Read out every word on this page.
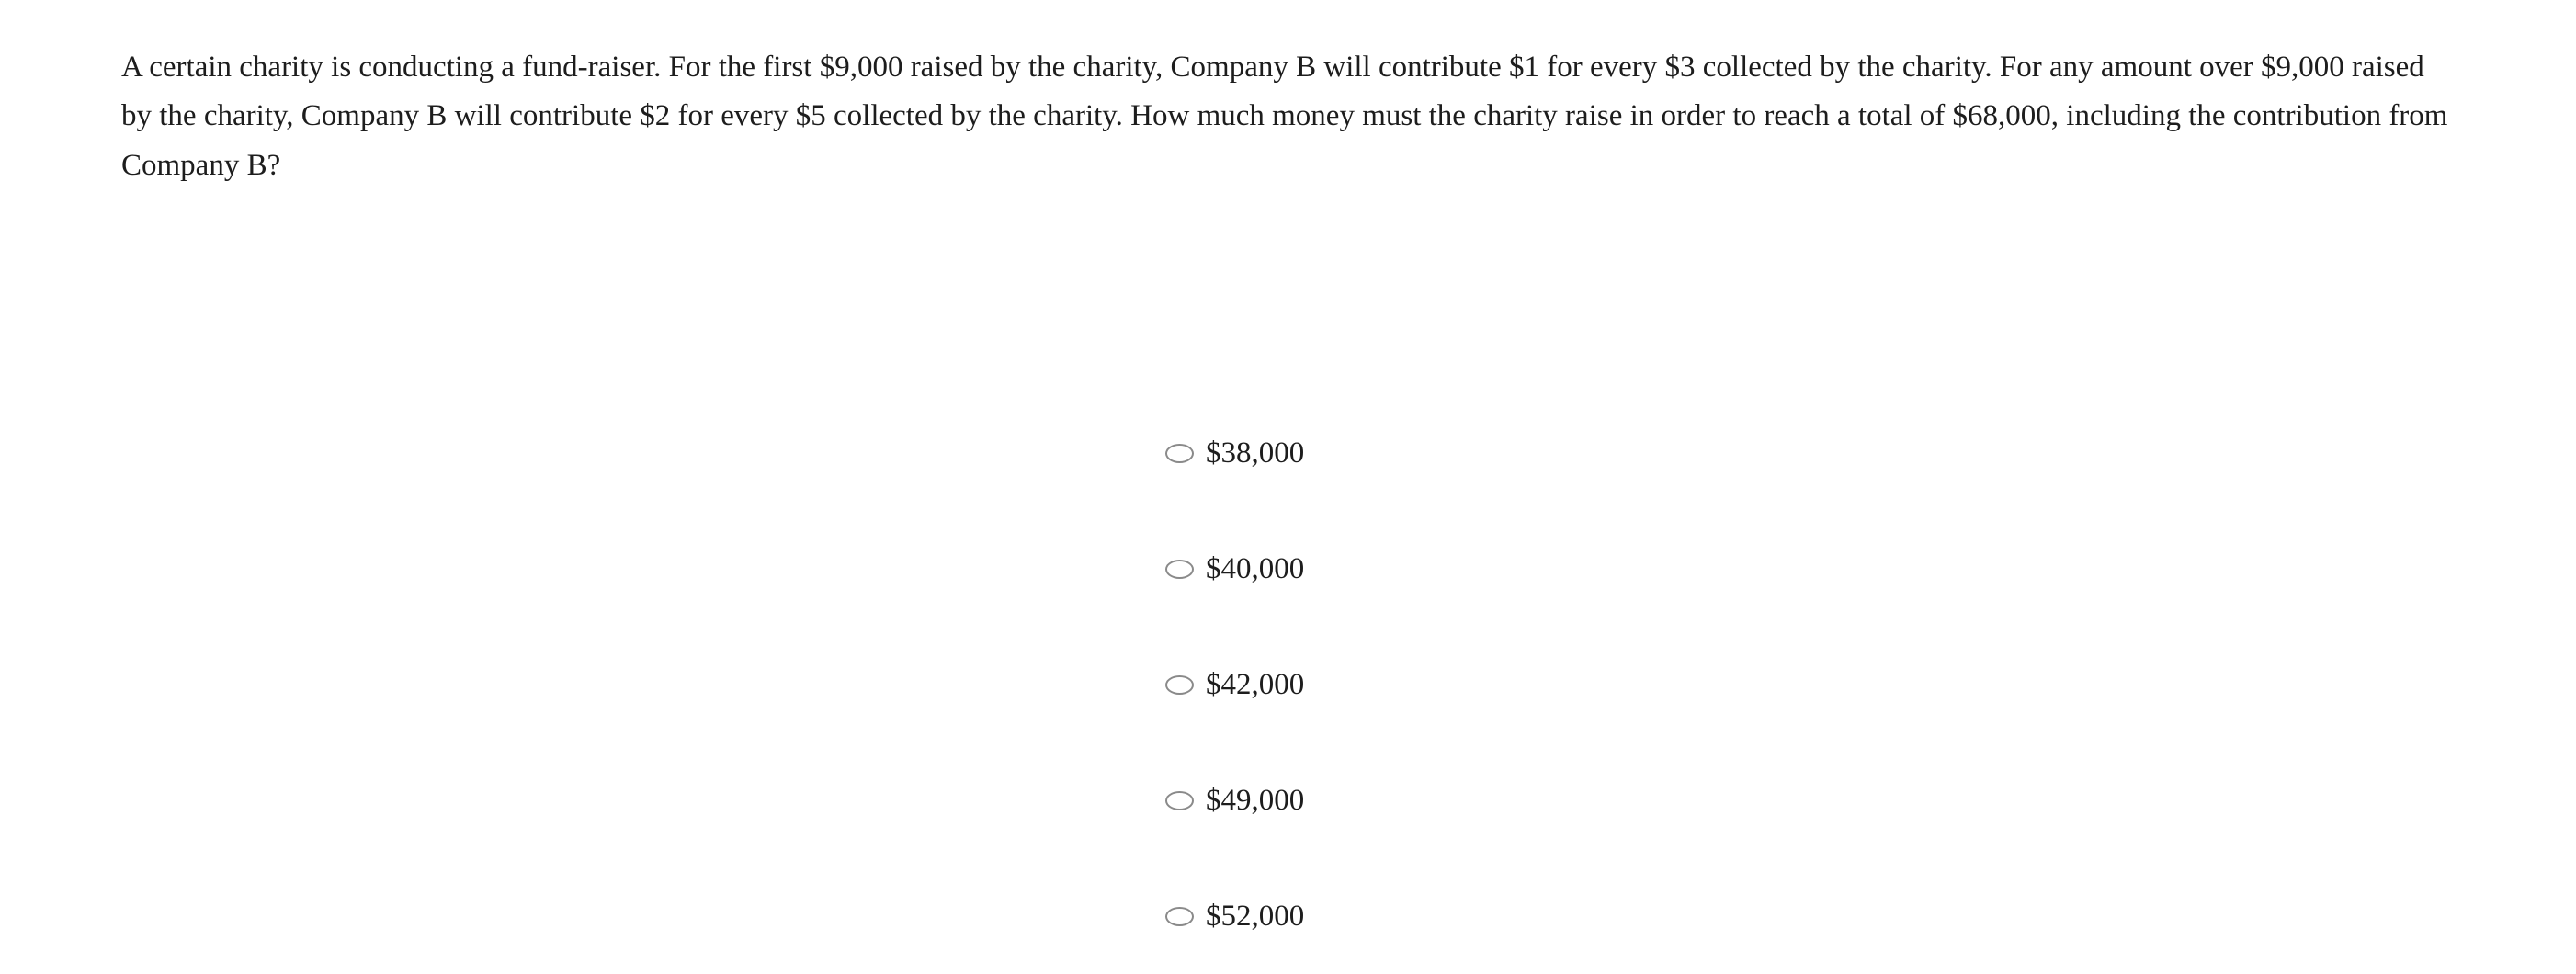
A certain charity is conducting a fund-raiser. For the first $9,000 raised by the charity, Company B will contribute $1 for every $3 collected by the charity. For any amount over $9,000 raised by the charity, Company B will contribute $2 for every $5 collected by the charity. How much money must the charity raise in order to reach a total of $68,000, including the contribution from Company B?

$38,000
$40,000
$42,000
$49,000
$52,000
